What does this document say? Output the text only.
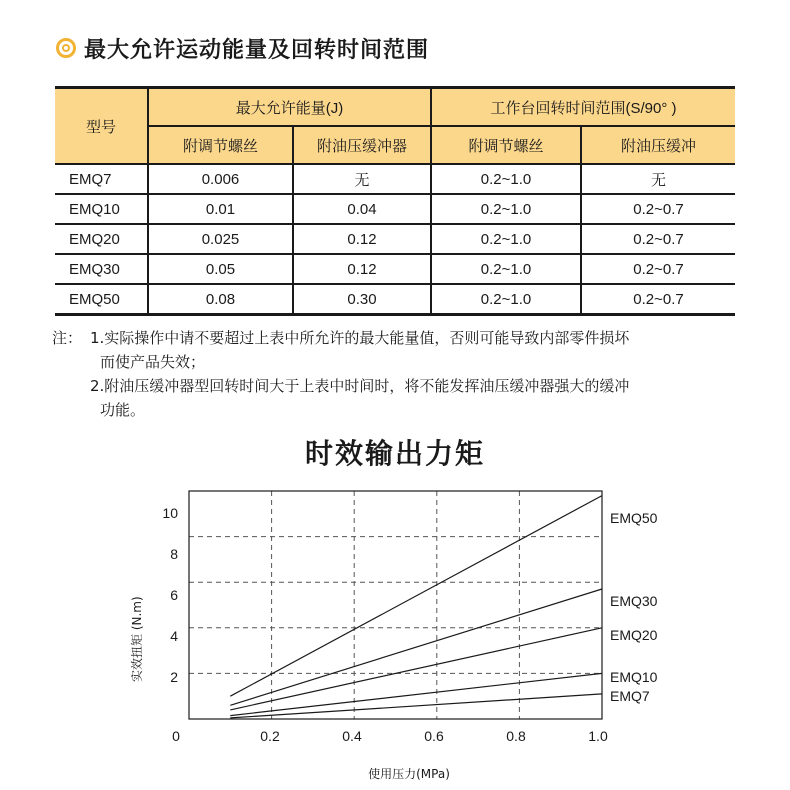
最大允许运动能量及回转时间范围
型号	最大允许能量(J)		工作台回转时间范围(S/90° )	
	附调节螺丝	附油压缓冲器	附调节螺丝	附油压缓冲
EMQ7	0.006	无	0.2~1.0	无
EMQ10	0.01	0.04	0.2~1.0	0.2~0.7
EMQ20	0.025	0.12	0.2~1.0	0.2~0.7
EMQ30	0.05	0.12	0.2~1.0	0.2~0.7
EMQ50	0.08	0.30	0.2~1.0	0.2~0.7
注： 1.实际操作中请不要超过上表中所允许的最大能量值，否则可能导致内部零件损坏
而使产品失效；
2.附油压缓冲器型回转时间大于上表中时间时，将不能发挥油压缓冲器强大的缓冲
功能。
时效输出力矩
10
8
6
4
2
0	0.2	0.4	0.6	0.8	1.0
EMQ50
EMQ30
EMQ20
EMQ10
EMQ7
实效扭矩 (N.m)
使用压力(MPa)
